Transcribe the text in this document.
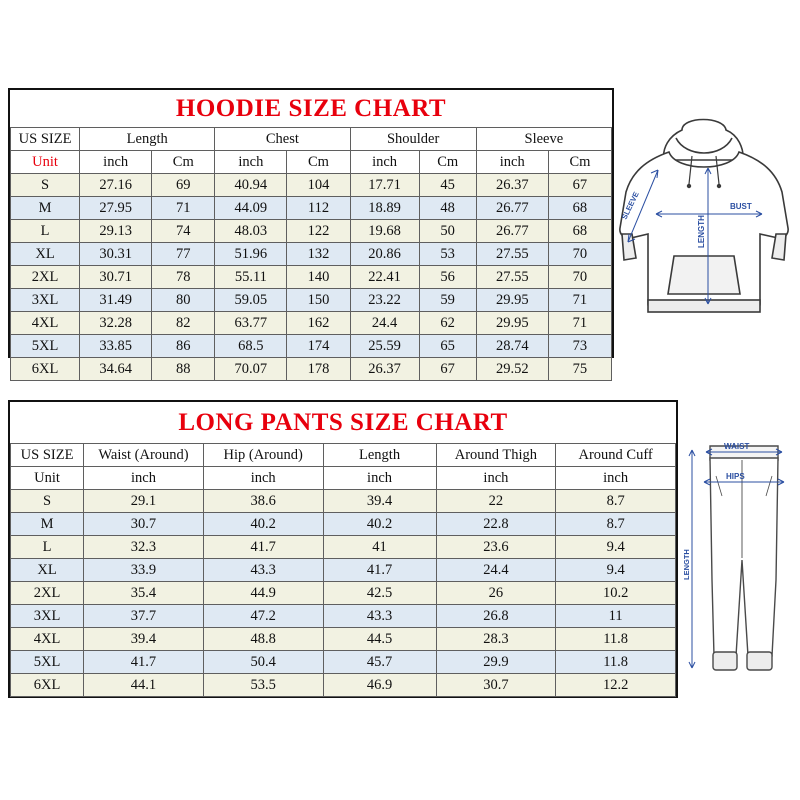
HOODIE SIZE CHART
US SIZE	Length		Chest		Shoulder		Sleeve	
Unit	inch	Cm	inch	Cm	inch	Cm	inch	Cm
S	27.16	69	40.94	104	17.71	45	26.37	67
M	27.95	71	44.09	112	18.89	48	26.77	68
L	29.13	74	48.03	122	19.68	50	26.77	68
XL	30.31	77	51.96	132	20.86	53	27.55	70
2XL	30.71	78	55.11	140	22.41	56	27.55	70
3XL	31.49	80	59.05	150	23.22	59	29.95	71
4XL	32.28	82	63.77	162	24.4	62	29.95	71
5XL	33.85	86	68.5	174	25.59	65	28.74	73
6XL	34.64	88	70.07	178	26.37	67	29.52	75
BUST
LENGTH
SLEEVE
LONG PANTS SIZE CHART
US SIZE	Waist (Around)	Hip (Around)	Length	Around Thigh	Around Cuff
Unit	inch	inch	inch	inch	inch
S	29.1	38.6	39.4	22	8.7
M	30.7	40.2	40.2	22.8	8.7
L	32.3	41.7	41	23.6	9.4
XL	33.9	43.3	41.7	24.4	9.4
2XL	35.4	44.9	42.5	26	10.2
3XL	37.7	47.2	43.3	26.8	11
4XL	39.4	48.8	44.5	28.3	11.8
5XL	41.7	50.4	45.7	29.9	11.8
6XL	44.1	53.5	46.9	30.7	12.2
WAIST
HIPS
LENGTH
